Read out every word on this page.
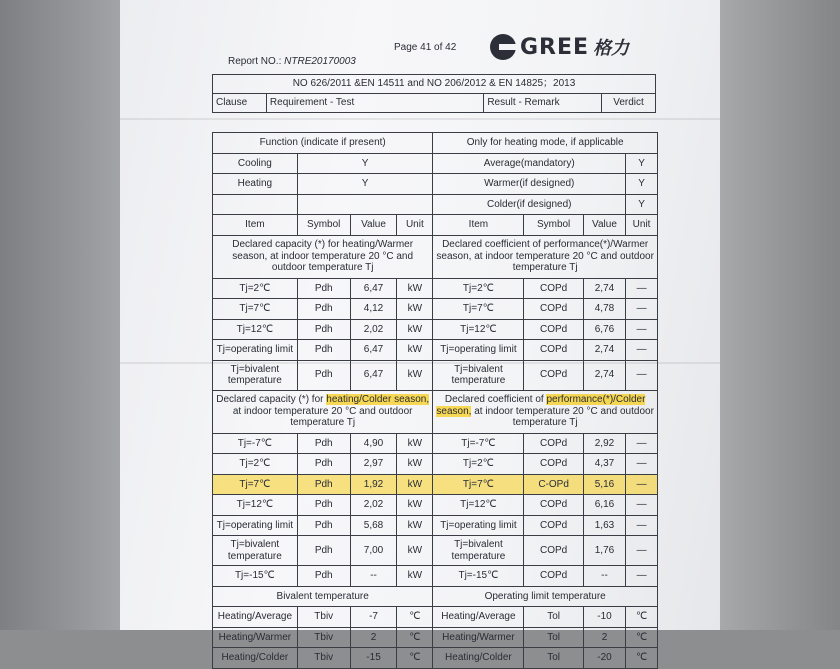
Report NO.: NTRE20170003
Page 41 of 42	GREE 格力
NO 626/2011 &EN 14511 and NO 206/2012 & EN 14825；2013
Clause	Requirement - Test	Result - Remark	Verdict
Function (indicate if present)				Only for heating mode, if applicable			
Cooling	Y			Average(mandatory)			Y
Heating	Y			Warmer(if designed)			Y
				Colder(if designed)			Y
Item	Symbol	Value	Unit	Item	Symbol	Value	Unit
Declared capacity (*) for heating/Warmer season, at indoor temperature 20 °C and outdoor temperature Tj				Declared coefficient of performance(*)/Warmer season, at indoor temperature 20 °C and outdoor temperature Tj			
Tj=2℃	Pdh	6,47	kW	Tj=2℃	COPd	2,74	—
Tj=7℃	Pdh	4,12	kW	Tj=7℃	COPd	4,78	—
Tj=12℃	Pdh	2,02	kW	Tj=12℃	COPd	6,76	—
Tj=operating limit	Pdh	6,47	kW	Tj=operating limit	COPd	2,74	—
Tj=bivalent temperature	Pdh	6,47	kW	Tj=bivalent temperature	COPd	2,74	—
Declared capacity (*) for heating/Colder season, at indoor temperature 20 °C and outdoor temperature Tj				Declared coefficient of performance(*)/Colder season, at indoor temperature 20 °C and outdoor temperature Tj			
Tj=-7℃	Pdh	4,90	kW	Tj=-7℃	COPd	2,92	—
Tj=2℃	Pdh	2,97	kW	Tj=2℃	COPd	4,37	—
Tj=7℃	Pdh	1,92	kW	Tj=7℃	C-OPd	5,16	—
Tj=12℃	Pdh	2,02	kW	Tj=12℃	COPd	6,16	—
Tj=operating limit	Pdh	5,68	kW	Tj=operating limit	COPd	1,63	—
Tj=bivalent temperature	Pdh	7,00	kW	Tj=bivalent temperature	COPd	1,76	—
Tj=-15℃	Pdh	--	kW	Tj=-15℃	COPd	--	—
Bivalent temperature				Operating limit temperature			
Heating/Average	Tbiv	-7	℃	Heating/Average	Tol	-10	℃
Heating/Warmer	Tbiv	2	℃	Heating/Warmer	Tol	2	℃
Heating/Colder	Tbiv	-15	℃	Heating/Colder	Tol	-20	℃
